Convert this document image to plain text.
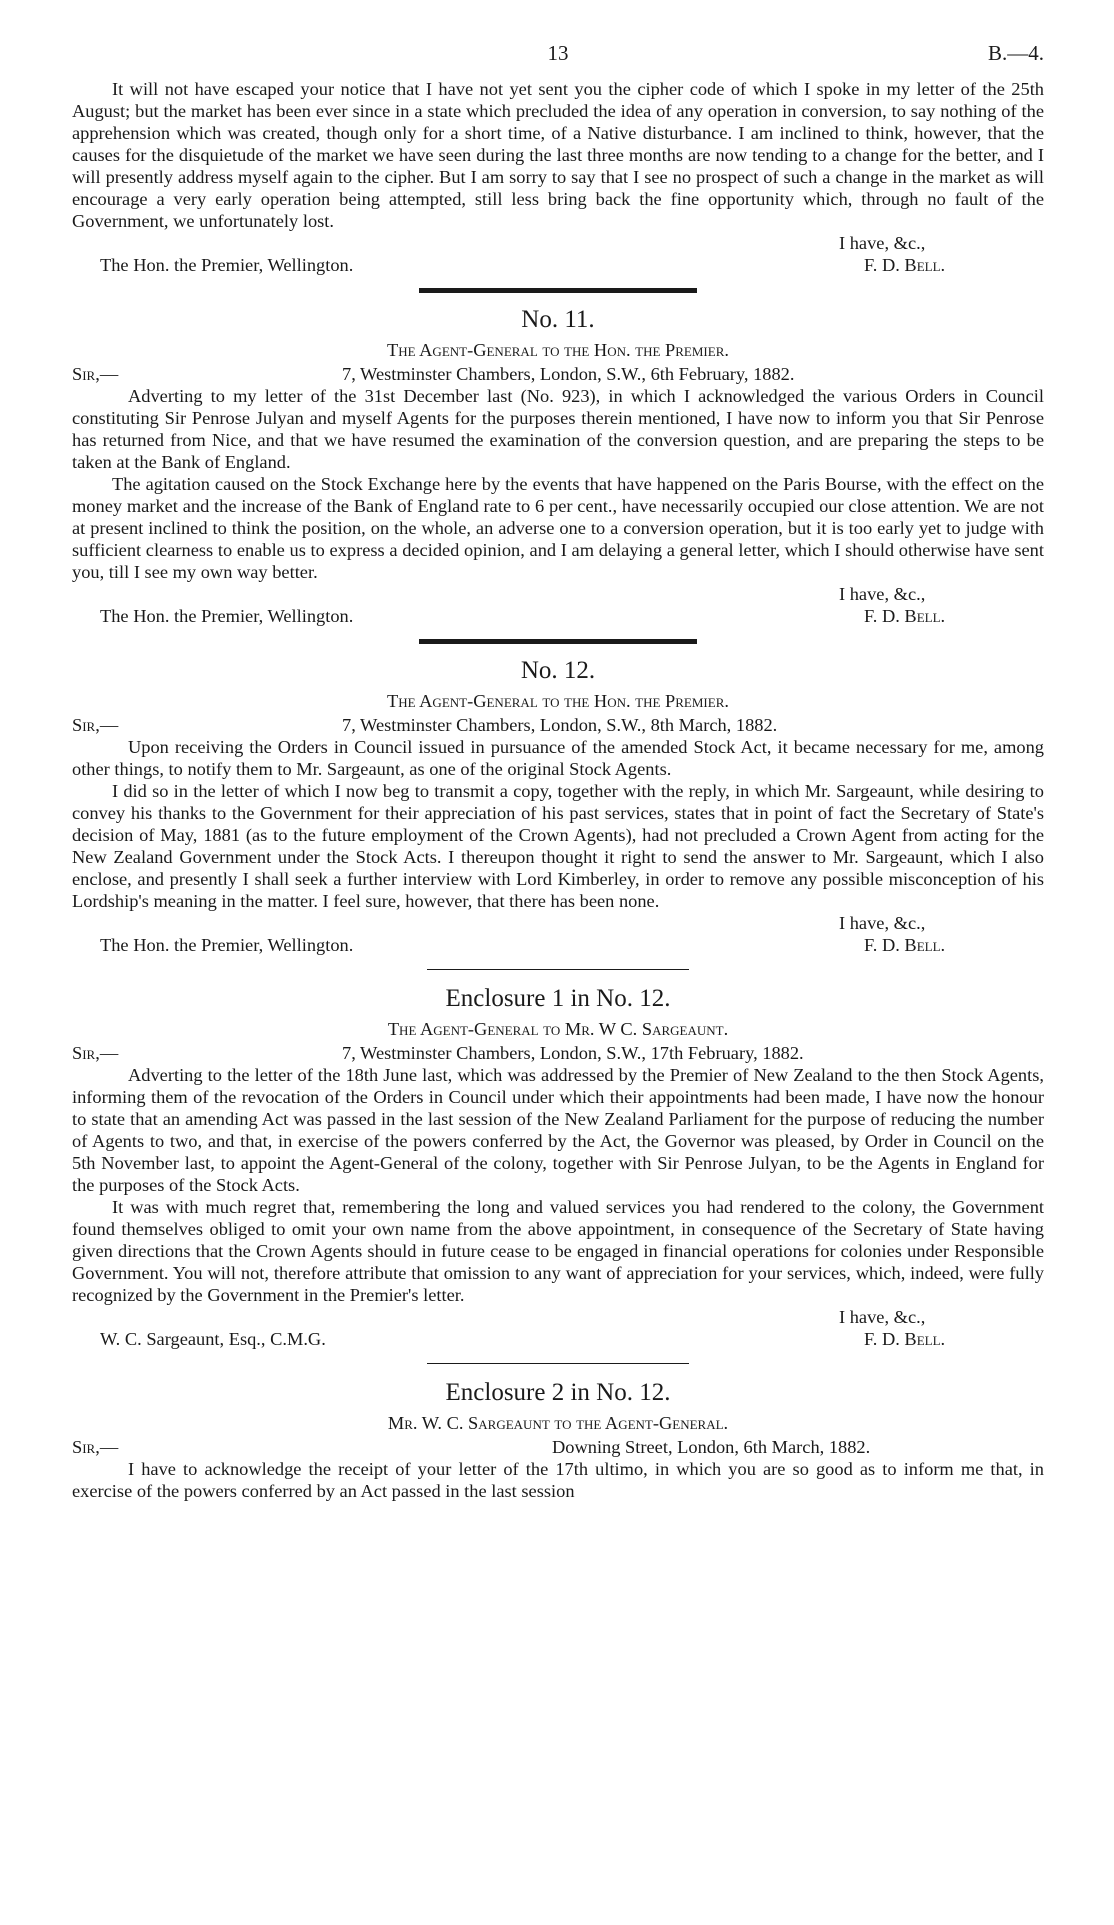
13	B.—4.

It will not have escaped your notice that I have not yet sent you the cipher code of which I spoke in my letter of the 25th August; but the market has been ever since in a state which precluded the idea of any operation in conversion, to say nothing of the apprehension which was created, though only for a short time, of a Native disturbance. I am inclined to think, however, that the causes for the disquietude of the market we have seen during the last three months are now tending to a change for the better, and I will presently address myself again to the cipher. But I am sorry to say that I see no prospect of such a change in the market as will encourage a very early operation being attempted, still less bring back the fine opportunity which, through no fault of the Government, we unfortunately lost.

I have, &c.,
The Hon. the Premier, Wellington.	F. D. Bell.
No. 11.
The Agent-General to the Hon. the Premier.
Sir,—	7, Westminster Chambers, London, S.W., 6th February, 1882.

Adverting to my letter of the 31st December last (No. 923), in which I acknowledged the various Orders in Council constituting Sir Penrose Julyan and myself Agents for the purposes therein mentioned, I have now to inform you that Sir Penrose has returned from Nice, and that we have resumed the examination of the conversion question, and are preparing the steps to be taken at the Bank of England.

The agitation caused on the Stock Exchange here by the events that have happened on the Paris Bourse, with the effect on the money market and the increase of the Bank of England rate to 6 per cent., have necessarily occupied our close attention. We are not at present inclined to think the position, on the whole, an adverse one to a conversion operation, but it is too early yet to judge with sufficient clearness to enable us to express a decided opinion, and I am delaying a general letter, which I should otherwise have sent you, till I see my own way better.

I have, &c.,
The Hon. the Premier, Wellington.	F. D. Bell.
No. 12.
The Agent-General to the Hon. the Premier.
Sir,—	7, Westminster Chambers, London, S.W., 8th March, 1882.

Upon receiving the Orders in Council issued in pursuance of the amended Stock Act, it became necessary for me, among other things, to notify them to Mr. Sargeaunt, as one of the original Stock Agents.

I did so in the letter of which I now beg to transmit a copy, together with the reply, in which Mr. Sargeaunt, while desiring to convey his thanks to the Government for their appreciation of his past services, states that in point of fact the Secretary of State's decision of May, 1881 (as to the future employment of the Crown Agents), had not precluded a Crown Agent from acting for the New Zealand Government under the Stock Acts. I thereupon thought it right to send the answer to Mr. Sargeaunt, which I also enclose, and presently I shall seek a further interview with Lord Kimberley, in order to remove any possible misconception of his Lordship's meaning in the matter. I feel sure, however, that there has been none.

I have, &c.,
The Hon. the Premier, Wellington.	F. D. Bell.
Enclosure 1 in No. 12.
The Agent-General to Mr. W C. Sargeaunt.
Sir,—	7, Westminster Chambers, London, S.W., 17th February, 1882.

Adverting to the letter of the 18th June last, which was addressed by the Premier of New Zealand to the then Stock Agents, informing them of the revocation of the Orders in Council under which their appointments had been made, I have now the honour to state that an amending Act was passed in the last session of the New Zealand Parliament for the purpose of reducing the number of Agents to two, and that, in exercise of the powers conferred by the Act, the Governor was pleased, by Order in Council on the 5th November last, to appoint the Agent-General of the colony, together with Sir Penrose Julyan, to be the Agents in England for the purposes of the Stock Acts.

It was with much regret that, remembering the long and valued services you had rendered to the colony, the Government found themselves obliged to omit your own name from the above appointment, in consequence of the Secretary of State having given directions that the Crown Agents should in future cease to be engaged in financial operations for colonies under Responsible Government. You will not, therefore attribute that omission to any want of appreciation for your services, which, indeed, were fully recognized by the Government in the Premier's letter.

I have, &c.,
W. C. Sargeaunt, Esq., C.M.G.	F. D. Bell.
Enclosure 2 in No. 12.
Mr. W. C. Sargeaunt to the Agent-General.
Sir,—	Downing Street, London, 6th March, 1882.

I have to acknowledge the receipt of your letter of the 17th ultimo, in which you are so good as to inform me that, in exercise of the powers conferred by an Act passed in the last session
